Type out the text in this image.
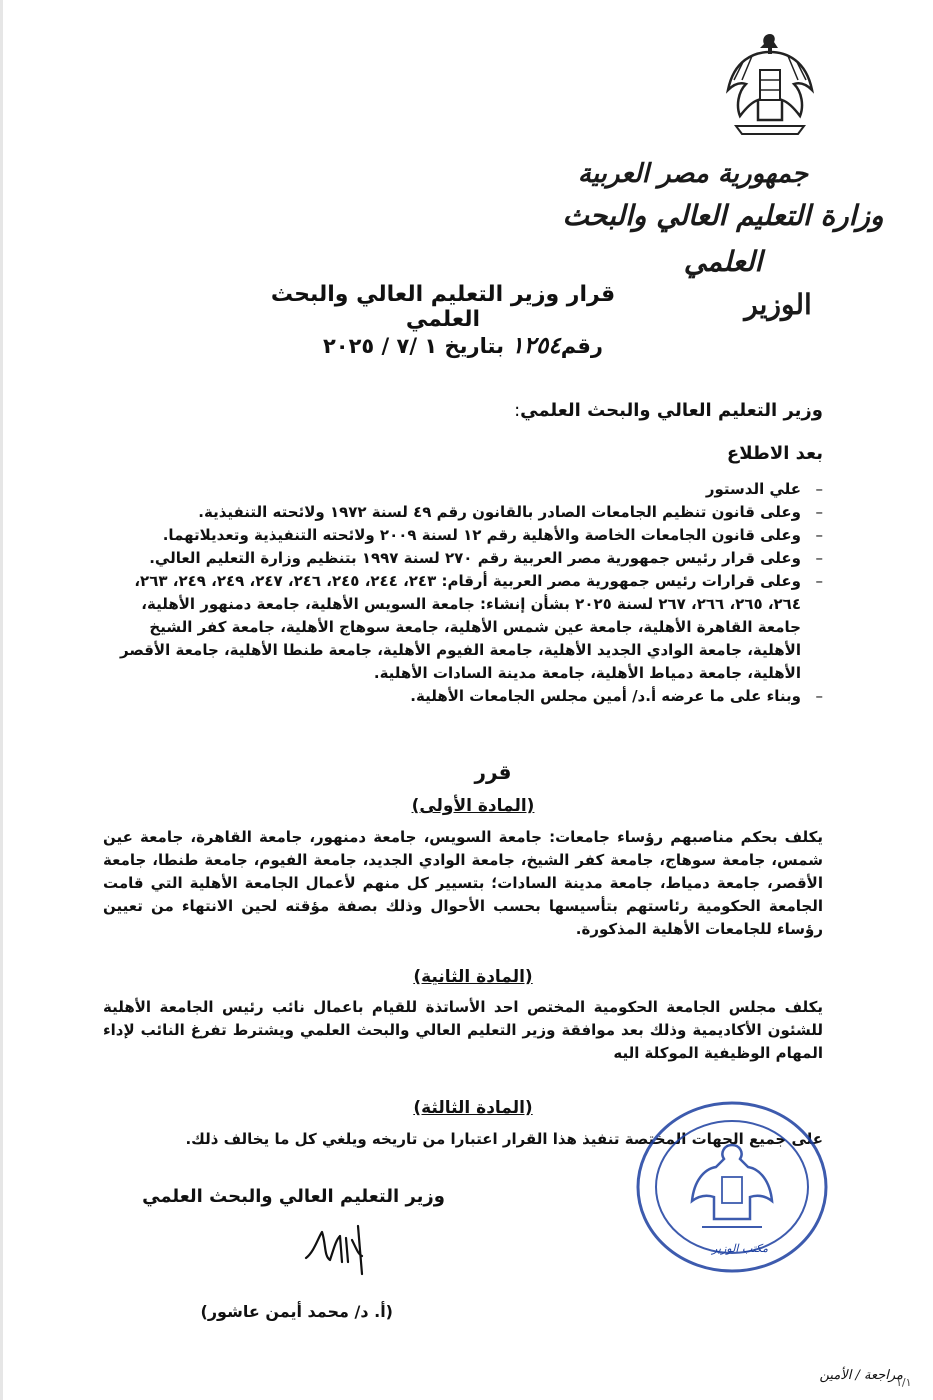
جمهورية مصر العربية
وزارة التعليم العالي والبحث العلمي
الوزير
قرار وزير التعليم العالي والبحث العلمي
رقم١٢٥٤ بتاريخ ١ /٧ / ٢٠٢٥
وزير التعليم العالي والبحث العلمي:
بعد الاطلاع
–
علي الدستور
–
وعلى قانون تنظيم الجامعات الصادر بالقانون رقم ٤٩ لسنة ١٩٧٢ ولائحته التنفيذية.
–
وعلى قانون الجامعات الخاصة والأهلية رقم ١٢ لسنة ٢٠٠٩ ولائحته التنفيذية وتعديلاتهما.
–
وعلى قرار رئيس جمهورية مصر العربية رقم ٢٧٠ لسنة ١٩٩٧ بتنظيم وزارة التعليم العالي.
–
وعلى قرارات رئيس جمهورية مصر العربية أرقام: ٢٤٣، ٢٤٤، ٢٤٥، ٢٤٦، ٢٤٧، ٢٤٩، ٢٤٩، ٢٦٣، ٢٦٤، ٢٦٥، ٢٦٦، ٢٦٧ لسنة ٢٠٢٥ بشأن إنشاء: جامعة السويس الأهلية، جامعة دمنهور الأهلية، جامعة القاهرة الأهلية، جامعة عين شمس الأهلية، جامعة سوهاج الأهلية، جامعة كفر الشيخ الأهلية، جامعة الوادي الجديد الأهلية، جامعة الفيوم الأهلية، جامعة طنطا الأهلية، جامعة الأقصر الأهلية، جامعة دمياط الأهلية، جامعة مدينة السادات الأهلية.
–
وبناء على ما عرضه أ.د/ أمين مجلس الجامعات الأهلية.
قرر
(المادة الأولى)
يكلف بحكم مناصبهم رؤساء جامعات: جامعة السويس، جامعة دمنهور، جامعة القاهرة، جامعة عين شمس، جامعة سوهاج، جامعة كفر الشيخ، جامعة الوادي الجديد، جامعة الفيوم، جامعة طنطا، جامعة الأقصر، جامعة دمياط، جامعة مدينة السادات؛ بتسيير كل منهم لأعمال الجامعة الأهلية التي قامت الجامعة الحكومية رئاستهم بتأسيسها بحسب الأحوال وذلك بصفة مؤقته لحين الانتهاء من تعيين رؤساء للجامعات الأهلية المذكورة.
(المادة الثانية)
يكلف مجلس الجامعة الحكومية المختص احد الأساتذة للقيام باعمال نائب رئيس الجامعة الأهلية للشئون الأكاديمية وذلك بعد موافقة وزير التعليم العالي والبحث العلمي ويشترط تفرغ النائب لإداء المهام الوظيفية الموكلة اليه
(المادة الثالثة)
على جميع الجهات المختصة تنفيذ هذا القرار اعتبارا من تاريخه ويلغي كل ما يخالف ذلك.
مكتب الوزير
وزير التعليم العالي والبحث العلمي
(أ. د/ محمد أيمن عاشور)
مراجعة / الأمين
١/١
